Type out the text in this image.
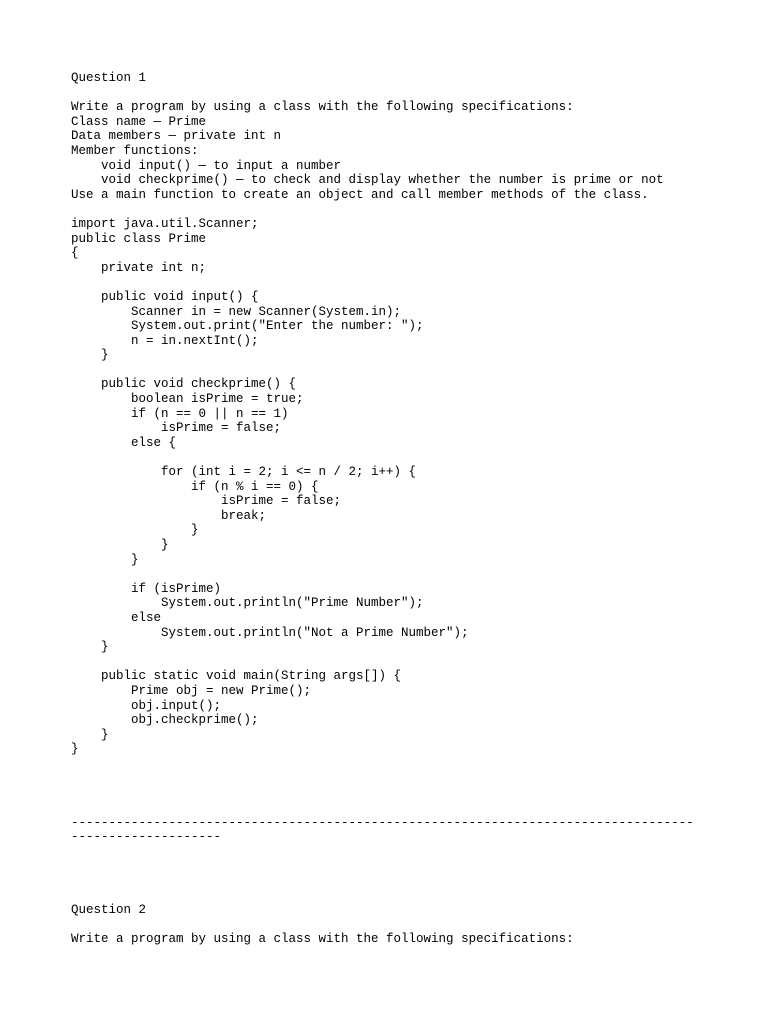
Question 1
Write a program by using a class with the following specifications:
Class name — Prime
Data members — private int n
Member functions:
void input() — to input a number
void checkprime() — to check and display whether the number is prime or not
Use a main function to create an object and call member methods of the class.
import java.util.Scanner;
public class Prime
{
private int n;
public void input() {
Scanner in = new Scanner(System.in);
System.out.print("Enter the number: ");
n = in.nextInt();
}
public void checkprime() {
boolean isPrime = true;
if (n == 0 || n == 1)
isPrime = false;
else {
for (int i = 2; i <= n / 2; i++) {
if (n % i == 0) {
isPrime = false;
break;
}
}
}
if (isPrime)
System.out.println("Prime Number");
else
System.out.println("Not a Prime Number");
}
public static void main(String args[]) {
Prime obj = new Prime();
obj.input();
obj.checkprime();
}
}
-----------------------------------------------------------------------------------
--------------------
Question 2
Write a program by using a class with the following specifications:
